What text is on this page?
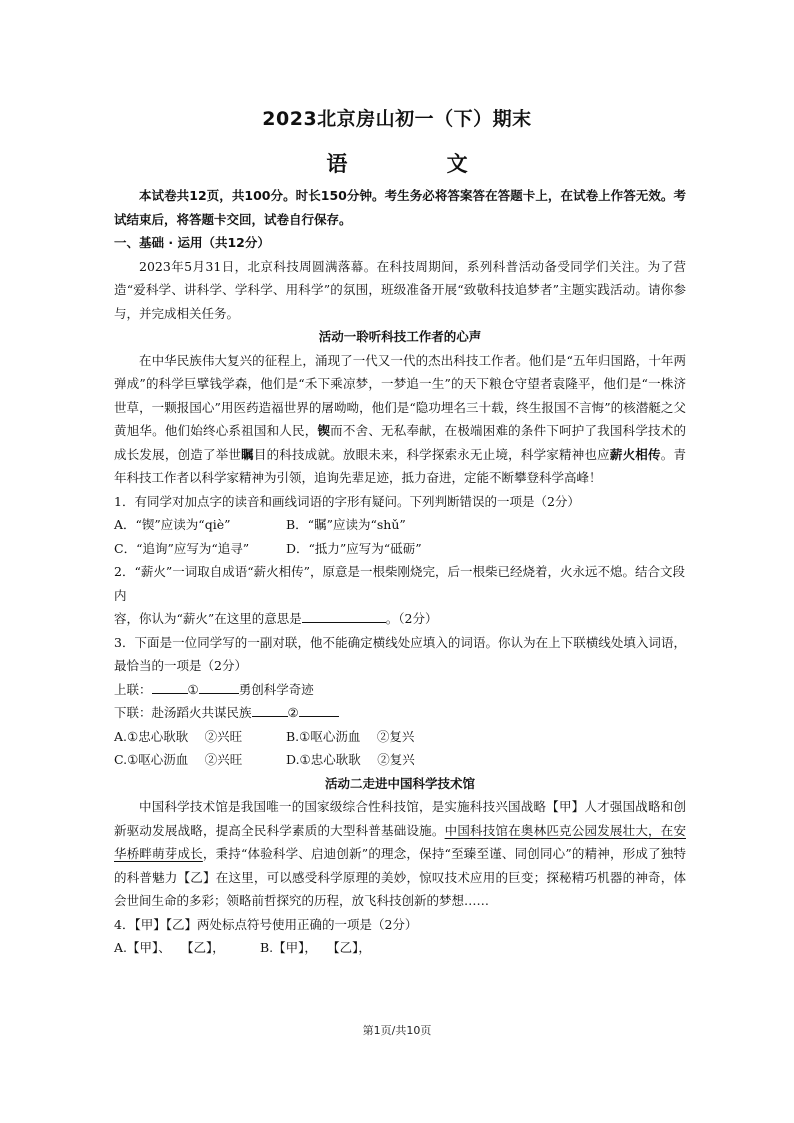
2023北京房山初一（下）期末
语 文

本试卷共12页，共100分。时长150分钟。考生务必将答案答在答题卡上，在试卷上作答无效。考试结束后，将答题卡交回，试卷自行保存。

一、基础 · 运用（共12分）

2023年5月31日，北京科技周圆满落幕。在科技周期间，系列科普活动备受同学们关注。为了营造“爱科学、讲科学、学科学、用科学”的氛围，班级准备开展“致敬科技追梦者”主题实践活动。请你参与，并完成相关任务。

活动一聆听科技工作者的心声

在中华民族伟大复兴的征程上，涌现了一代又一代的杰出科技工作者。他们是“五年归国路，十年两弹成”的科学巨擘钱学森，他们是“禾下乘凉梦，一梦追一生”的天下粮仓守望者袁隆平，他们是“一株济世草，一颗报国心”用医药造福世界的屠呦呦，他们是“隐功埋名三十载，终生报国不言悔”的核潜艇之父黄旭华。他们始终心系祖国和人民，锲而不舍、无私奉献，在极端困难的条件下呵护了我国科学技术的成长发展，创造了举世瞩目的科技成就。放眼未来，科学探索永无止境，科学家精神也应薪火相传。青年科技工作者以科学家精神为引领，追询先辈足迹，抵力奋进，定能不断攀登科学高峰！

1．有同学对加点字的读音和画线词语的字形有疑问。下列判断错误的一项是（2分）

A．“锲”应读为“qiè”	B．“瞩”应读为“shǔ”
C．“追询”应写为“追寻”	D．“抵力”应写为“砥砺”

2．“薪火”一词取自成语“薪火相传”，原意是一根柴刚烧完，后一根柴已经烧着，火永远不熄。结合文段内

容，你认为“薪火”在这里的意思是	。（2分）

3．下面是一位同学写的一副对联，他不能确定横线处应填入的词语。你认为在上下联横线处填入词语，最恰当的一项是（2分）

上联：	①	勇创科学奇迹

下联：赴汤蹈火共谋民族	②

A.①忠心耿耿　 ②兴旺	B.①呕心沥血　 ②复兴
C.①呕心沥血　 ②兴旺	D.①忠心耿耿　 ②复兴

活动二走进中国科学技术馆

中国科学技术馆是我国唯一的国家级综合性科技馆，是实施科技兴国战略【甲】人才强国战略和创新驱动发展战略，提高全民科学素质的大型科普基础设施。中国科技馆在奥林匹克公园发展壮大，在安华桥畔萌芽成长，秉持“体验科学、启迪创新”的理念，保持“至臻至谨、同创同心”的精神，形成了独特的科普魅力【乙】在这里，可以感受科学原理的美妙，惊叹技术应用的巨变；探秘精巧机器的神奇，体会世间生命的多彩；领略前哲探究的历程，放飞科技创新的梦想……

4．【甲】【乙】两处标点符号使用正确的一项是（2分）

A.【甲】、　 【乙】，	B.【甲】，　 【乙】，
第1页/共10页
